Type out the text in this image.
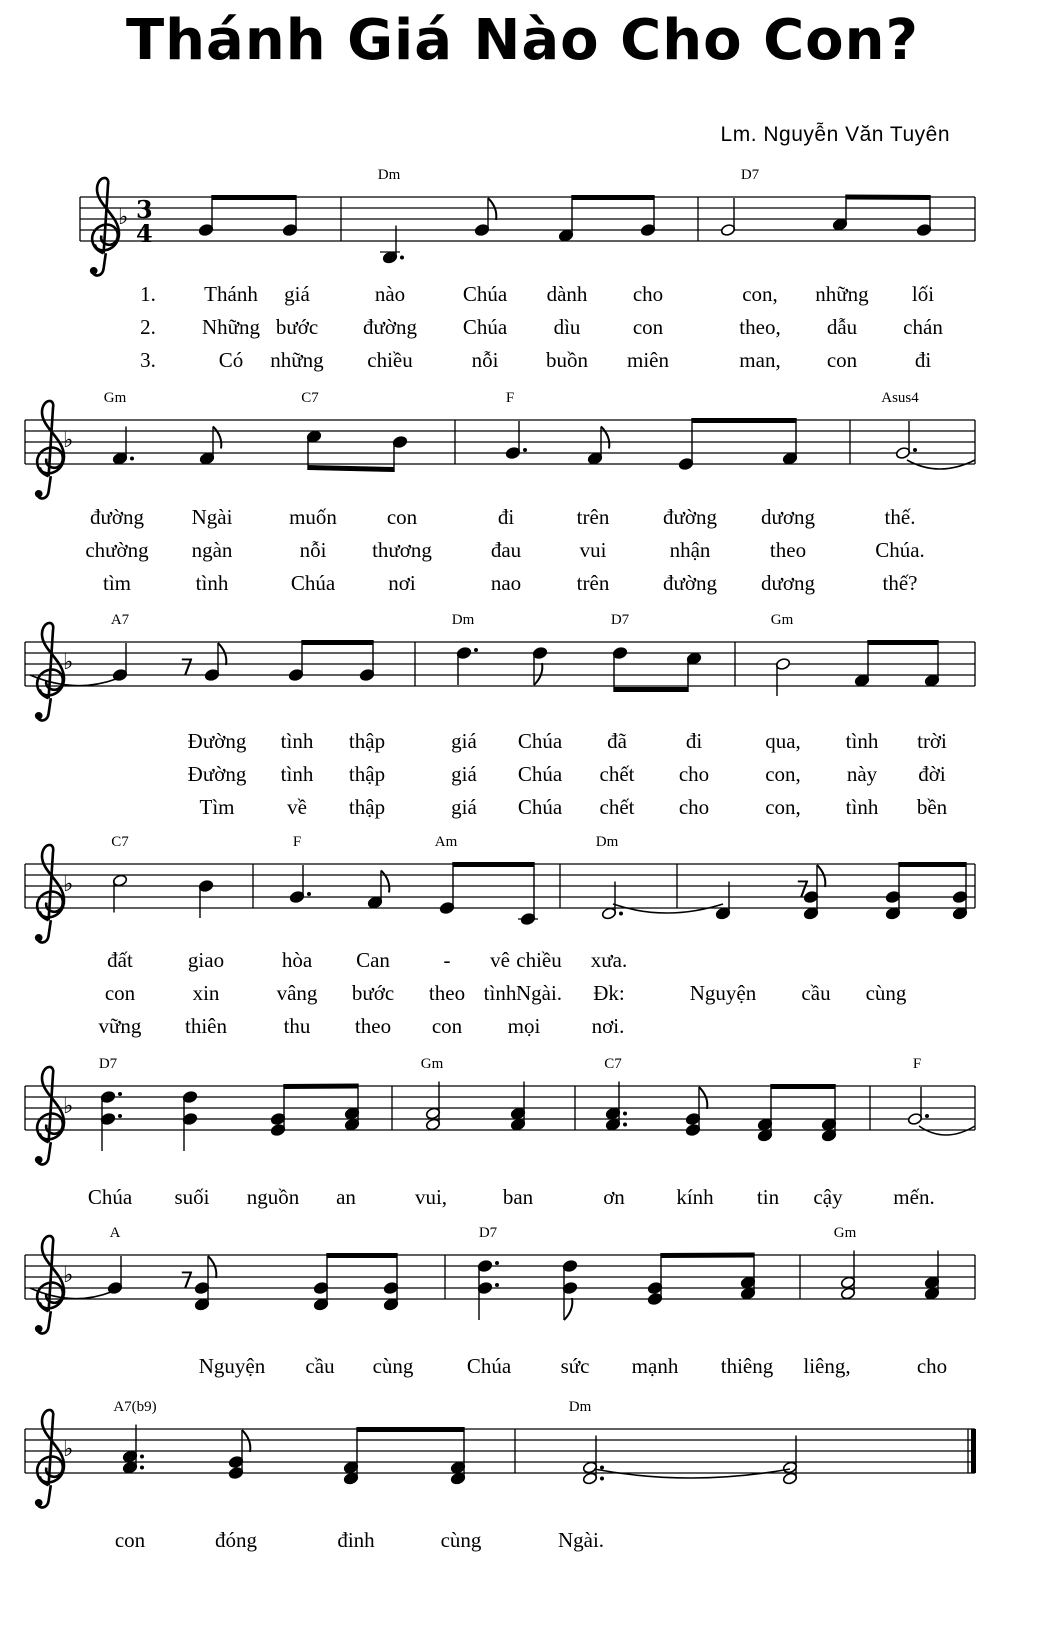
Thánh Giá Nào Cho Con?
Lm. Nguyễn Văn Tuyên
♭ 3
4
Dm	D7
1. Thánh giá	nào	Chúa dành cho	con, những lối
2. Những bước đường Chúa dìu con	theo, dẫu chán
3.	Có những chiều	nỗi buồn miên	man, con	đi
♭
Gm	C7	F	Asus4
đường Ngài	muốn con	đi	trên	đường dương	thế.
chường ngàn	nỗi thương	đau	vui	nhận	theo	Chúa.
tìm	tình	Chúa	nơi	nao	trên	đường dương	thế?
♭
A7	Dm	D7	Gm
7
Đường tình thập	giá Chúa đã	đi	qua, tình trời
Đường tình thập	giá Chúa chết cho	con, này đời
Tìm	về thập	giá Chúa chết cho	con, tình bền
♭
C7	F	Am	Dm
7
đất	giao	hòa Can	- vê chiều xưa.
con	xin	vâng bước theo tình Ngài. Đk:	Nguyện cầu cùng
vững thiên	thu theo con mọi nơi.
♭
D7	Gm	C7	F
Chúa suối nguồn an	vui,	ban	ơn kính tin cậy mến.
♭
A	D7	Gm
7
Nguyện cầu cùng	Chúa sức mạnh thiêng liêng,	cho
♭
A7(b9)	Dm
con	đóng	đinh	cùng	Ngài.
